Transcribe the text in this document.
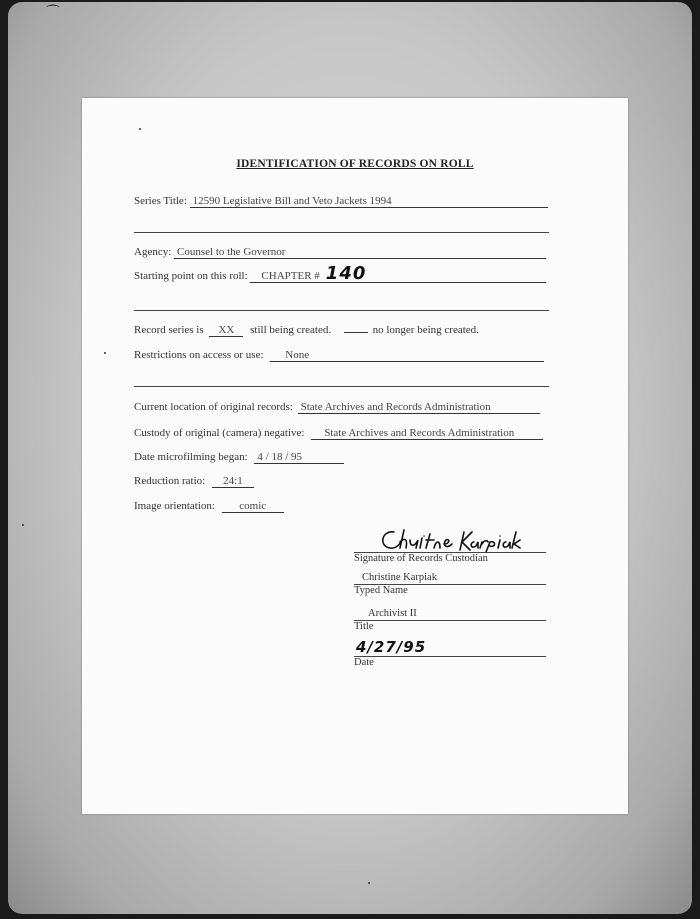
⌒
IDENTIFICATION OF RECORDS ON ROLL
Series Title: 12590 Legislative Bill and Veto Jackets 1994
Agency: Counsel to the Governor
Starting point on this roll: CHAPTER # 140
Record series is XX still being created.	no longer being created.
Restrictions on access or use: None
Current location of original records: State Archives and Records Administration
Custody of original (camera) negative: State Archives and Records Administration
Date microfilming began: 4 / 18 / 95
Reduction ratio: 24:1
Image orientation: comic
Signature of Records Custodian
Christine Karpiak
Typed Name
Archivist II
Title
4/27/95
Date
